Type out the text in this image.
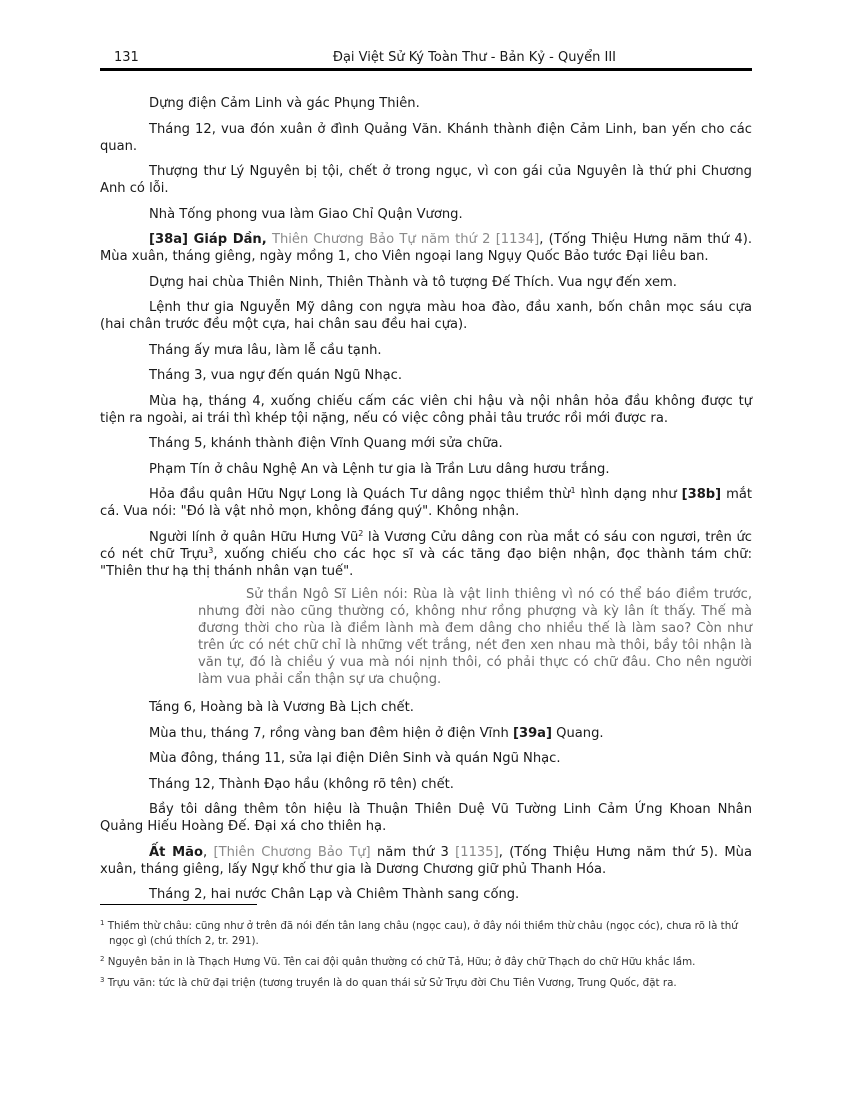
131	Đại Việt Sử Ký Toàn Thư - Bản Kỷ - Quyển III

Dựng điện Cảm Linh và gác Phụng Thiên.

Tháng 12, vua đón xuân ở đình Quảng Văn. Khánh thành điện Cảm Linh, ban yến cho các quan.

Thượng thư Lý Nguyên bị tội, chết ở trong ngục, vì con gái của Nguyên là thứ phi Chương Anh có lỗi.

Nhà Tống phong vua làm Giao Chỉ Quận Vương.

[38a] Giáp Dần, Thiên Chương Bảo Tự năm thứ 2 [1134], (Tống Thiệu Hưng năm thứ 4). Mùa xuân, tháng giêng, ngày mồng 1, cho Viên ngoại lang Ngụy Quốc Bảo tước Đại liêu ban.

Dựng hai chùa Thiên Ninh, Thiên Thành và tô tượng Đế Thích. Vua ngự đến xem.

Lệnh thư gia Nguyễn Mỹ dâng con ngựa màu hoa đào, đầu xanh, bốn chân mọc sáu cựa (hai chân trước đều một cựa, hai chân sau đều hai cựa).

Tháng ấy mưa lâu, làm lễ cầu tạnh.

Tháng 3, vua ngự đến quán Ngũ Nhạc.

Mùa hạ, tháng 4, xuống chiếu cấm các viên chi hậu và nội nhân hỏa đầu không được tự tiện ra ngoài, ai trái thì khép tội nặng, nếu có việc công phải tâu trước rồi mới được ra.

Tháng 5, khánh thành điện Vĩnh Quang mới sửa chữa.

Phạm Tín ở châu Nghệ An và Lệnh tư gia là Trần Lưu dâng hươu trắng.

Hỏa đầu quân Hữu Ngự Long là Quách Tư dâng ngọc thiềm thừ$^1$ hình dạng như [38b] mắt cá. Vua nói: "Đó là vật nhỏ mọn, không đáng quý". Không nhận.

Người lính ở quân Hữu Hưng $Vũ^2$ là Vương Cửu dâng con rùa mắt có sáu con ngươi, trên ức có nét chữ Trựu$^3$, xuống chiếu cho các học sĩ và các tăng đạo biện nhận, đọc thành tám chữ: "Thiên thư hạ thị thánh nhân vạn tuế".

Sử thần Ngô Sĩ Liên nói: Rùa là vật linh thiêng vì nó có thể báo điềm trước, nhưng đời nào cũng thường có, không như rồng phượng và kỳ lân ít thấy. Thế mà đương thời cho rùa là điềm lành mà đem dâng cho nhiều thế là làm sao? Còn như trên ức có nét chữ chỉ là những vết trắng, nét đen xen nhau mà thôi, bầy tôi nhận là văn tự, đó là chiều ý vua mà nói nịnh thôi, có phải thực có chữ đâu. Cho nên người làm vua phải cẩn thận sự ưa chuộng.

Táng 6, Hoàng bà là Vương Bà Lịch chết.

Mùa thu, tháng 7, rồng vàng ban đêm hiện ở điện Vĩnh [39a] Quang.

Mùa đông, tháng 11, sửa lại điện Diên Sinh và quán Ngũ Nhạc.

Tháng 12, Thành Đạo hầu (không rõ tên) chết.

Bầy tôi dâng thêm tôn hiệu là Thuận Thiên Duệ Vũ Tường Linh Cảm Ứng Khoan Nhân Quảng Hiếu Hoàng Đế. Đại xá cho thiên hạ.

Ất Mão, [Thiên Chương Bảo Tự] năm thứ 3 [1135], (Tống Thiệu Hưng năm thứ 5). Mùa xuân, tháng giêng, lấy Ngự khố thư gia là Dương Chương giữ phủ Thanh Hóa.

Tháng 2, hai nước Chân Lạp và Chiêm Thành sang cống.

$^1$ Thiềm thừ châu: cũng như ở trên đã nói đến tân lang châu (ngọc cau), ở đây nói thiềm thừ châu (ngọc cóc), chưa rõ là thứ ngọc gì (chú thích 2, tr. 291).

$^2$ Nguyên bản in là Thạch Hưng Vũ. Tên cai đội quân thường có chữ Tả, Hữu; ở đây chữ Thạch do chữ Hữu khắc lầm.

$^3$ Trựu văn: tức là chữ đại triện (tương truyền là do quan thái sử Sử Trựu đời Chu Tiên Vương, Trung Quốc, đặt ra.
